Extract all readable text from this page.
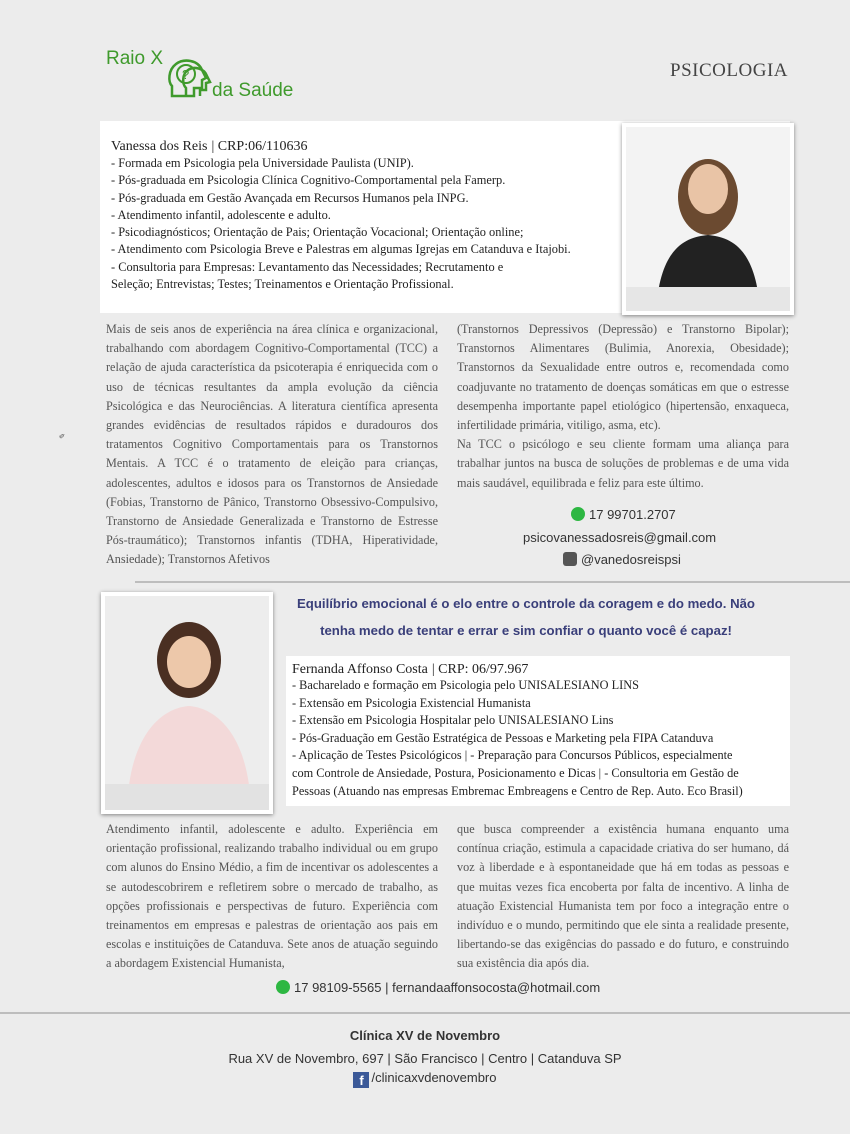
Raio X
?
da Saúde
PSICOLOGIA
Vanessa dos Reis | CRP:06/110636
- Formada em Psicologia pela Universidade Paulista (UNIP).
- Pós-graduada em Psicologia Clínica Cognitivo-Comportamental pela Famerp.
- Pós-graduada em Gestão Avançada em Recursos Humanos pela INPG.
- Atendimento infantil, adolescente e adulto.
- Psicodiagnósticos; Orientação de Pais; Orientação Vocacional; Orientação online;
- Atendimento com Psicologia Breve e Palestras em algumas Igrejas em Catanduva e Itajobi.
- Consultoria para Empresas: Levantamento das Necessidades; Recrutamento e
Seleção; Entrevistas; Testes; Treinamentos e Orientação Profissional.
✎

Mais de seis anos de experiência na área clínica e organizacional, trabalhando com abordagem Cognitivo-Comportamental (TCC) a relação de ajuda característica da psicoterapia é enriquecida com o uso de técnicas resultantes da ampla evolução da ciência Psicológica e das Neurociências. A literatura científica apresenta grandes evidências de resultados rápidos e duradouros dos tratamentos Cognitivo Comportamentais para os Transtornos Mentais. A TCC é o tratamento de eleição para crianças, adolescentes, adultos e idosos para os Transtornos de Ansiedade (Fobias, Transtorno de Pânico, Transtorno Obsessivo-Compulsivo, Transtorno de Ansiedade Generalizada e Transtorno de Estresse Pós-traumático); Transtornos infantis (TDHA, Hiperatividade, Ansiedade); Transtornos Afetivos

(Transtornos Depressivos (Depressão) e Transtorno Bipolar); Transtornos Alimentares (Bulimia, Anorexia, Obesidade); Transtornos da Sexualidade entre outros e, recomendada como coadjuvante no tratamento de doenças somáticas em que o estresse desempenha importante papel etiológico (hipertensão, enxaqueca, infertilidade primária, vitiligo, asma, etc).

Na TCC o psicólogo e seu cliente formam uma aliança para trabalhar juntos na busca de soluções de problemas e de uma vida mais saudável, equilibrada e feliz para este último.

17 99701.2707
psicovanessadosreis@gmail.com
@vanedosreispsi
Equilíbrio emocional é o elo entre o controle da coragem e do medo. Não tenha medo de tentar e errar e sim confiar o quanto você é capaz!
Fernanda Affonso Costa | CRP: 06/97.967
- Bacharelado e formação em Psicologia pelo UNISALESIANO LINS
- Extensão em Psicologia Existencial Humanista
- Extensão em Psicologia Hospitalar pelo UNISALESIANO Lins
- Pós-Graduação em Gestão Estratégica de Pessoas e Marketing pela FIPA Catanduva
- Aplicação de Testes Psicológicos | - Preparação para Concursos Públicos, especialmente
com Controle de Ansiedade, Postura, Posicionamento e Dicas | - Consultoria em Gestão de
Pessoas (Atuando nas empresas Embremac Embreagens e Centro de Rep. Auto. Eco Brasil)

Atendimento infantil, adolescente e adulto. Experiência em orientação profissional, realizando trabalho individual ou em grupo com alunos do Ensino Médio, a fim de incentivar os adolescentes a se autodescobrirem e refletirem sobre o mercado de trabalho, as opções profissionais e perspectivas de futuro. Experiência com treinamentos em empresas e palestras de orientação aos pais em escolas e instituições de Catanduva. Sete anos de atuação seguindo a abordagem Existencial Humanista,

que busca compreender a existência humana enquanto uma contínua criação, estimula a capacidade criativa do ser humano, dá voz à liberdade e à espontaneidade que há em todas as pessoas e que muitas vezes fica encoberta por falta de incentivo. A linha de atuação Existencial Humanista tem por foco a integração entre o indivíduo e o mundo, permitindo que ele sinta a realidade presente, libertando-se das exigências do passado e do futuro, e construindo sua existência dia após dia.

17 98109-5565 | fernandaaffonsocosta@hotmail.com
Clínica XV de Novembro
Rua XV de Novembro, 697 | São Francisco | Centro | Catanduva SP
f /clinicaxvdenovembro
